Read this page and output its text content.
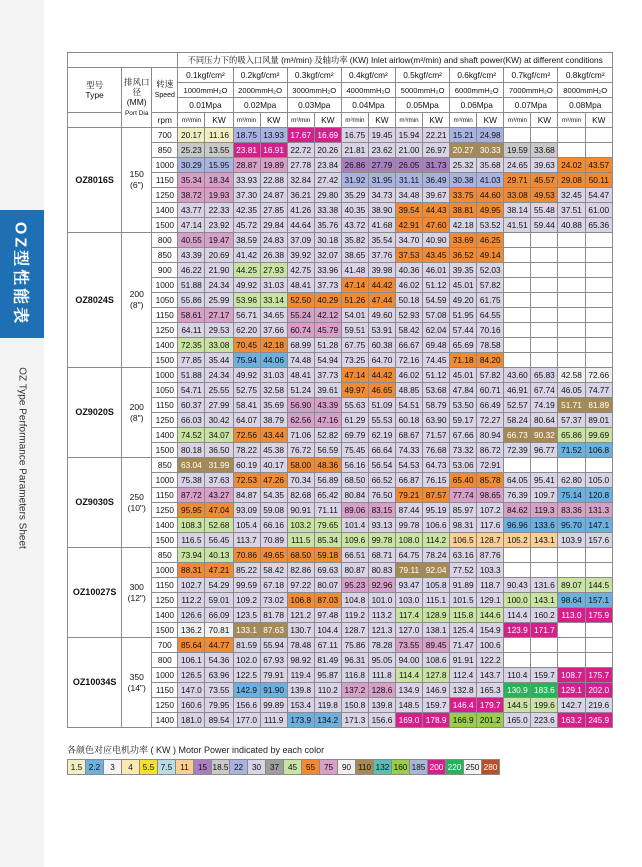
OZ型性能表
OZ Type Performance Parameters Sheet
			不同压力下的吸入口风量 (m³/min) 及轴功率 (KW) Inlet airlow(m³/min) and shaft power(KW) at different conditions															
型号
Type	排风口径
(MM)
Port Dia	转速
Speed	0.1kgf/cm²		0.2kgf/cm²		0.3kgf/cm²		0.4kgf/cm²		0.5kgf/cm²		0.6kgf/cm²		0.7kgf/cm²		0.8kgf/cm²	
			1000mmH₂O		2000mmH₂O		3000mmH₂O		4000mmH₂O		5000mmH₂O		6000mmH₂O		7000mmH₂O		8000mmH₂O	
			0.01Mpa		0.02Mpa		0.03Mpa		0.04Mpa		0.05Mpa		0.06Mpa		0.07Mpa		0.08Mpa	
		rpm	m³/min	KW	m³/min	KW	m³/min	KW	m³/min	KW	m³/min	KW	m³/min	KW	m³/min	KW	m³/min	KW
OZ8016S	150
(6")	700	20.17	11.16	18.75	13.93	17.67	16.69	16.75	19.45	15.94	22.21	15.21	24.98				
		850	25.23	13.55	23.81	16.91	22.72	20.26	21.81	23.62	21.00	26.97	20.27	30.33	19.59	33.68		
		1000	30.29	15.95	28.87	19.89	27.78	23.84	26.86	27.79	26.05	31.73	25.32	35.68	24.65	39.63	24.02	43.57
		1150	35.34	18.34	33.93	22.88	32.84	27.42	31.92	31.95	31.11	36.49	30.38	41.03	29.71	45.57	29.08	50.11
		1250	38.72	19.93	37.30	24.87	36.21	29.80	35.29	34.73	34.48	39.67	33.75	44.60	33.08	49.53	32.45	54.47
		1400	43.77	22.33	42.35	27.85	41.26	33.38	40.35	38.90	39.54	44.43	38.81	49.95	38.14	55.48	37.51	61.00
		1500	47.14	23.92	45.72	29.84	44.64	35.76	43.72	41.68	42.91	47.60	42.18	53.52	41.51	59.44	40.88	65.36
OZ8024S	200
(8")	800	40.55	19.47	38.59	24.83	37.09	30.18	35.82	35.54	34.70	40.90	33.69	46.25				
		850	43.39	20.69	41.42	26.38	39.92	32.07	38.65	37.76	37.53	43.45	36.52	49.14				
		900	46.22	21.90	44.25	27.93	42.75	33.96	41.48	39.98	40.36	46.01	39.35	52.03				
		1000	51.88	24.34	49.92	31.03	48.41	37.73	47.14	44.42	46.02	51.12	45.01	57.82				
		1050	55.86	25.99	53.96	33.14	52.50	40.29	51.26	47.44	50.18	54.59	49.20	61.75				
		1150	58.61	27.17	56.71	34.65	55.24	42.12	54.01	49.60	52.93	57.08	51.95	64.55				
		1250	64.11	29.53	62.20	37.66	60.74	45.79	59.51	53.91	58.42	62.04	57.44	70.16				
		1400	72.35	33.08	70.45	42.18	68.99	51.28	67.75	60.38	66.67	69.48	65.69	78.58				
		1500	77.85	35.44	75.94	44.06	74.48	54.94	73.25	64.70	72.16	74.45	71.18	84.20				
OZ9020S	200
(8")	1000	51.88	24.34	49.92	31.03	48.41	37.73	47.14	44.42	46.02	51.12	45.01	57.82	43.60	65.83	42.58	72.66
		1050	54.71	25.55	52.75	32.58	51.24	39.61	49.97	46.65	48.85	53.68	47.84	60.71	46.91	67.74	46.05	74.77
		1150	60.37	27.99	58.41	35.69	56.90	43.39	55.63	51.09	54.51	58.79	53.50	66.49	52.57	74.19	51.71	81.89
		1250	66.03	30.42	64.07	38.79	62.56	47.16	61.29	55.53	60.18	63.90	59.17	72.27	58.24	80.64	57.37	89.01
		1400	74.52	34.07	72.56	43.44	71.06	52.82	69.79	62.19	68.67	71.57	67.66	80.94	66.73	90.32	65.86	99.69
		1500	80.18	36.50	78.22	45.38	76.72	56.59	75.45	66.64	74.33	76.68	73.32	86.72	72.39	96.77	71.52	106.8
OZ9030S	250
(10")	850	63.04	31.99	60.19	40.17	58.00	48.36	56.16	56.54	54.53	64.73	53.06	72.91				
		1000	75.38	37.63	72.53	47.26	70.34	56.89	68.50	66.52	66.87	76.15	65.40	85.78	64.05	95.41	62.80	105.0
		1150	87.72	43.27	84.87	54.35	82.68	65.42	80.84	76.50	79.21	87.57	77.74	98.65	76.39	109.7	75.14	120.8
		1250	95.95	47.04	93.09	59.08	90.91	71.11	89.06	83.15	87.44	95.19	85.97	107.2	84.62	119.3	83.36	131.3
		1400	108.3	52.68	105.4	66.16	103.2	79.65	101.4	93.13	99.78	106.6	98.31	117.6	96.96	133.6	95.70	147.1
		1500	116.5	56.45	113.7	70.89	111.5	85.34	109.6	99.78	108.0	114.2	106.5	128.7	105.2	143.1	103.9	157.6
OZ10027S	300
(12")	850	73.94	40.13	70.86	49.65	68.50	59.18	66.51	68.71	64.75	78.24	63.16	87.76				
		1000	88.31	47.21	85.22	58.42	82.86	69.63	80.87	80.83	79.11	92.04	77.52	103.3				
		1150	102.7	54.29	99.59	67.18	97.22	80.07	95.23	92.96	93.47	105.8	91.89	118.7	90.43	131.6	89.07	144.5
		1250	112.2	59.01	109.2	73.02	106.8	87.03	104.8	101.0	103.0	115.1	101.5	129.1	100.0	143.1	98.64	157.1
		1400	126.6	66.09	123.5	81.78	121.2	97.48	119.2	113.2	117.4	128.9	115.8	144.6	114.4	160.2	113.0	175.9
		1500	136.2	70.81	133.1	87.63	130.7	104.4	128.7	121.3	127.0	138.1	125.4	154.9	123.9	171.7		
OZ10034S	350
(14")	700	85.64	44.77	81.59	55.94	78.48	67.11	75.86	78.28	73.55	89.45	71.47	100.6				
		800	106.1	54.36	102.0	67.93	98.92	81.49	96.31	95.05	94.00	108.6	91.91	122.2				
		1000	126.5	63.96	122.5	79.91	119.4	95.87	116.8	111.8	114.4	127.8	112.4	143.7	110.4	159.7	108.7	175.7
		1150	147.0	73.55	142.9	91.90	139.8	110.2	137.2	128.6	134.9	146.9	132.8	165.3	130.9	183.6	129.1	202.0
		1250	160.6	79.95	156.6	99.89	153.4	119.8	150.8	139.8	148.5	159.7	146.4	179.7	144.5	199.6	142.7	219.6
		1400	181.0	89.54	177.0	111.9	173.9	134.2	171.3	156.6	169.0	178.9	166.9	201.2	165.0	223.6	163.2	245.9
各颜色对应电机功率 ( KW ) Motor Power indicated by each color
1.5	2.2	3	4	5.5	7.5	11	15	18.5	22	30	37	45	55	75	90	110	132	160	185	200	220	250	280
